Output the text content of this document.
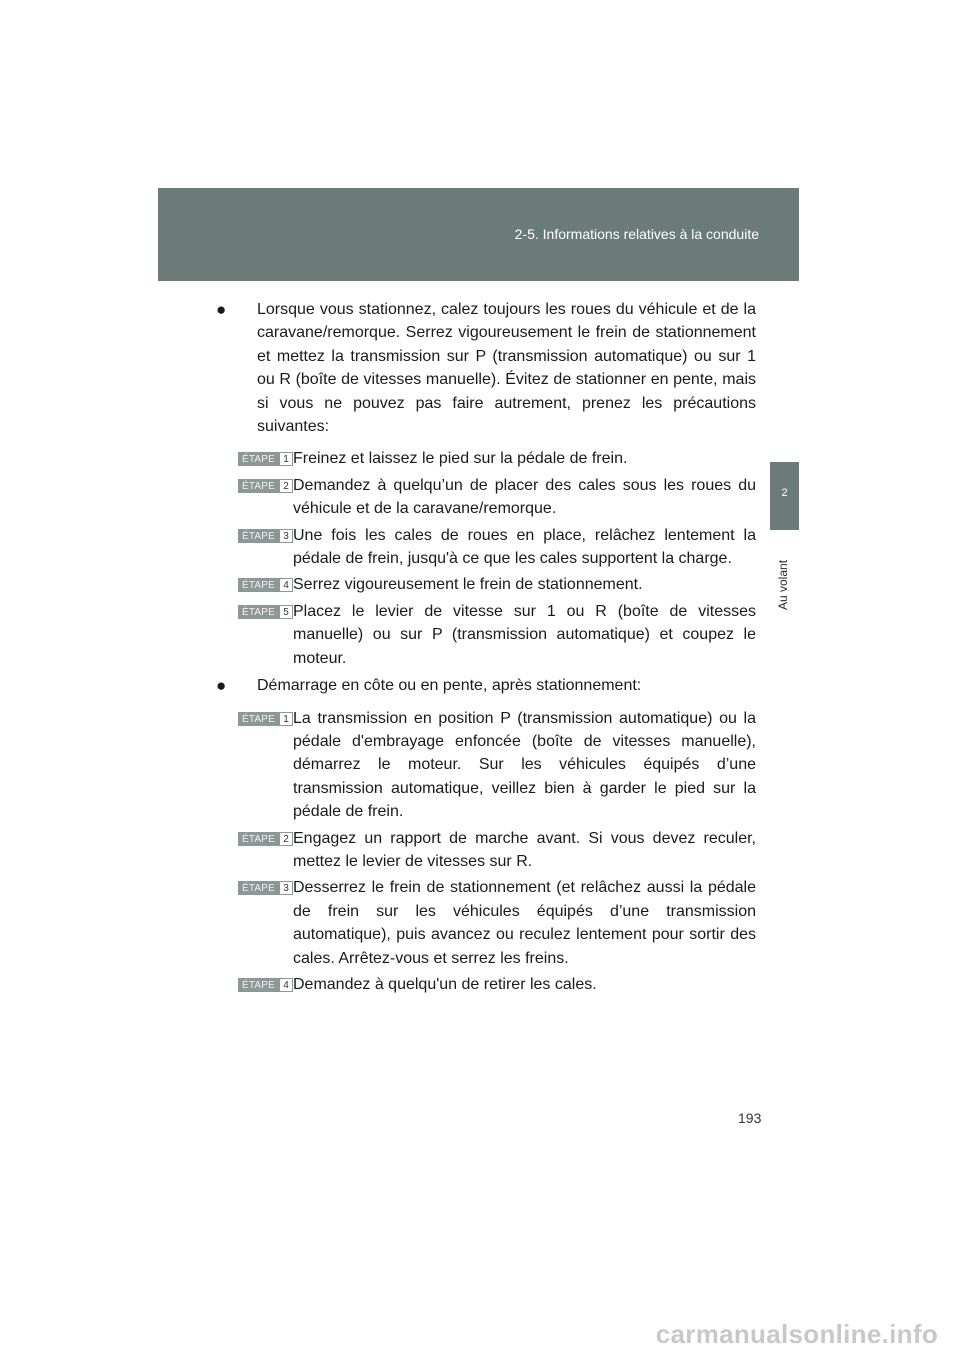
2-5. Informations relatives à la conduite
2
Au volant
● Lorsque vous stationnez, calez toujours les roues du véhicule et de la caravane/remorque. Serrez vigoureusement le frein de stationnement et mettez la transmission sur P (transmission automatique) ou sur 1 ou R (boîte de vitesses manuelle). Évitez de stationner en pente, mais si vous ne pouvez pas faire autrement, prenez les précautions suivantes:
ÉTAPE 1 Freinez et laissez le pied sur la pédale de frein.
ÉTAPE 2 Demandez à quelqu’un de placer des cales sous les roues du véhicule et de la caravane/remorque.
ÉTAPE 3 Une fois les cales de roues en place, relâchez lentement la pédale de frein, jusqu'à ce que les cales supportent la charge.
ÉTAPE 4 Serrez vigoureusement le frein de stationnement.
ÉTAPE 5 Placez le levier de vitesse sur 1 ou R (boîte de vitesses manuelle) ou sur P (transmission automatique) et coupez le moteur.
● Démarrage en côte ou en pente, après stationnement:
ÉTAPE 1 La transmission en position P (transmission automatique) ou la pédale d'embrayage enfoncée (boîte de vitesses manuelle), démarrez le moteur. Sur les véhicules équipés d’une transmission automatique, veillez bien à garder le pied sur la pédale de frein.
ÉTAPE 2 Engagez un rapport de marche avant. Si vous devez reculer, mettez le levier de vitesses sur R.
ÉTAPE 3 Desserrez le frein de stationnement (et relâchez aussi la pédale de frein sur les véhicules équipés d’une transmission automatique), puis avancez ou reculez lentement pour sortir des cales. Arrêtez-vous et serrez les freins.
ÉTAPE 4 Demandez à quelqu'un de retirer les cales.
193
carmanualsonline.info
